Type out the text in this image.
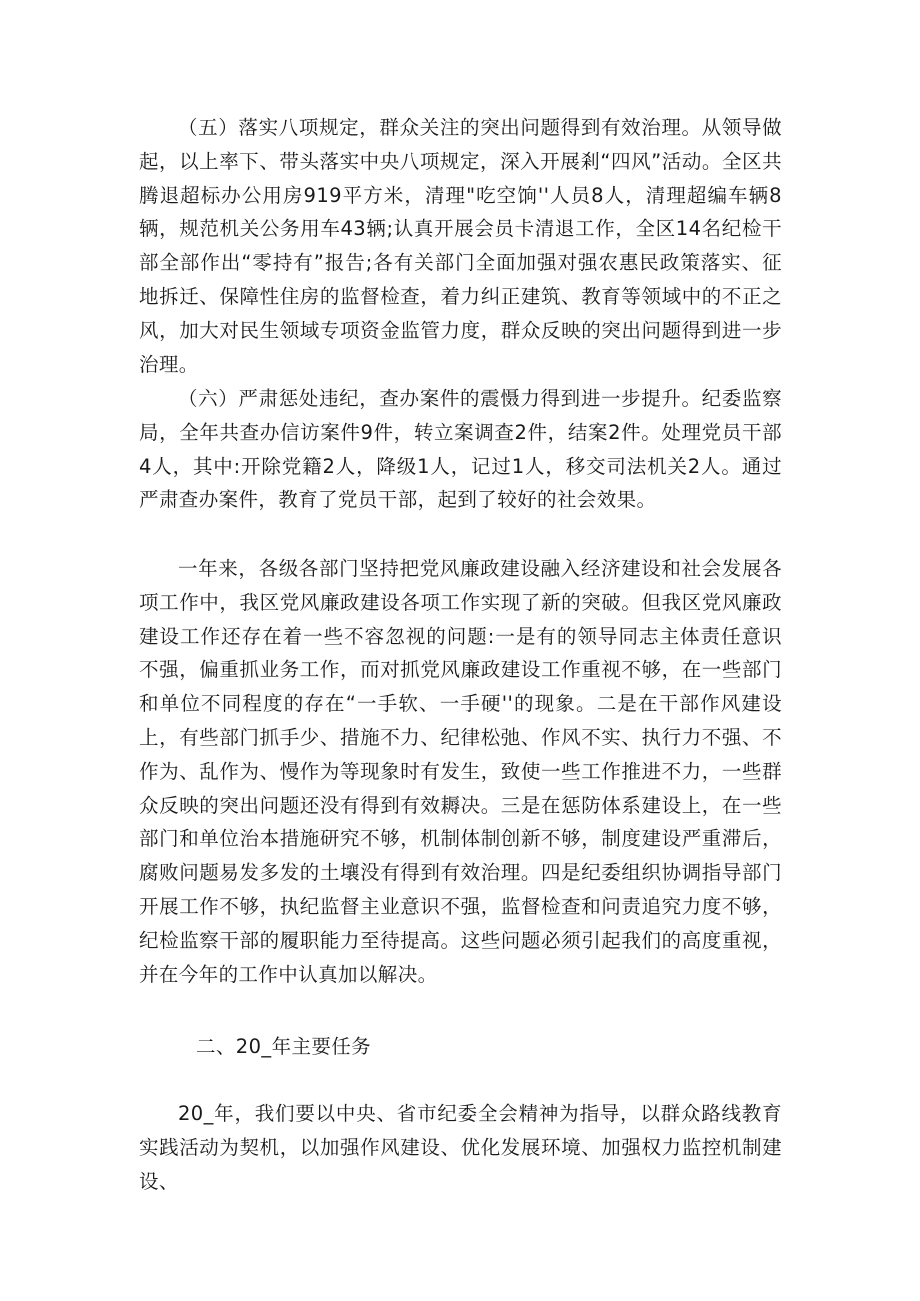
（五）落实八项规定，群众关注的突出问题得到有效治理。从领导做起，以上率下、带头落实中央八项规定，深入开展剎“四风”活动。全区共腾退超标办公用房919平方米，清理"吃空饷''人员8人，清理超编车辆8辆，规范机关公务用车43辆;认真开展会员卡清退工作，全区14名纪检干部全部作出“零持有”报告;各有关部门全面加强对强农惠民政策落实、征地拆迁、保障性住房的监督检查，着力纠正建筑、教育等领域中的不正之风，加大对民生领域专项资金监管力度，群众反映的突出问题得到进一步治理。

（六）严肃惩处违纪，查办案件的震慑力得到进一步提升。纪委监察局，全年共查办信访案件9件，转立案调查2件，结案2件。处理党员干部4人，其中:开除党籍2人，降级1人，记过1人，移交司法机关2人。通过严肃查办案件，教育了党员干部，起到了较好的社会效果。

一年来，各级各部门坚持把党风廉政建设融入经济建设和社会发展各项工作中，我区党风廉政建设各项工作实现了新的突破。但我区党风廉政建设工作还存在着一些不容忽视的问题:一是有的领导同志主体责任意识不强，偏重抓业务工作，而对抓党风廉政建设工作重视不够，在一些部门和单位不同程度的存在“一手软、一手硬''的现象。二是在干部作风建设上，有些部门抓手少、措施不力、纪律松弛、作风不实、执行力不强、不作为、乱作为、慢作为等现象时有发生，致使一些工作推进不力，一些群众反映的突出问题还没有得到有效耨决。三是在惩防体系建设上，在一些部门和单位治本措施研究不够，机制体制创新不够，制度建设严重滞后，腐败问题易发多发的土壤没有得到有效治理。四是纪委组织协调指导部门开展工作不够，执纪监督主业意识不强，监督检查和问责追究力度不够，纪检监察干部的履职能力至待提高。这些问题必须引起我们的高度重视，并在今年的工作中认真加以解决。

二、20_年主要任务

20_年，我们要以中央、省市纪委全会精神为指导，以群众路线教育实践活动为契机，以加强作风建设、优化发展环境、加强权力监控机制建设、
